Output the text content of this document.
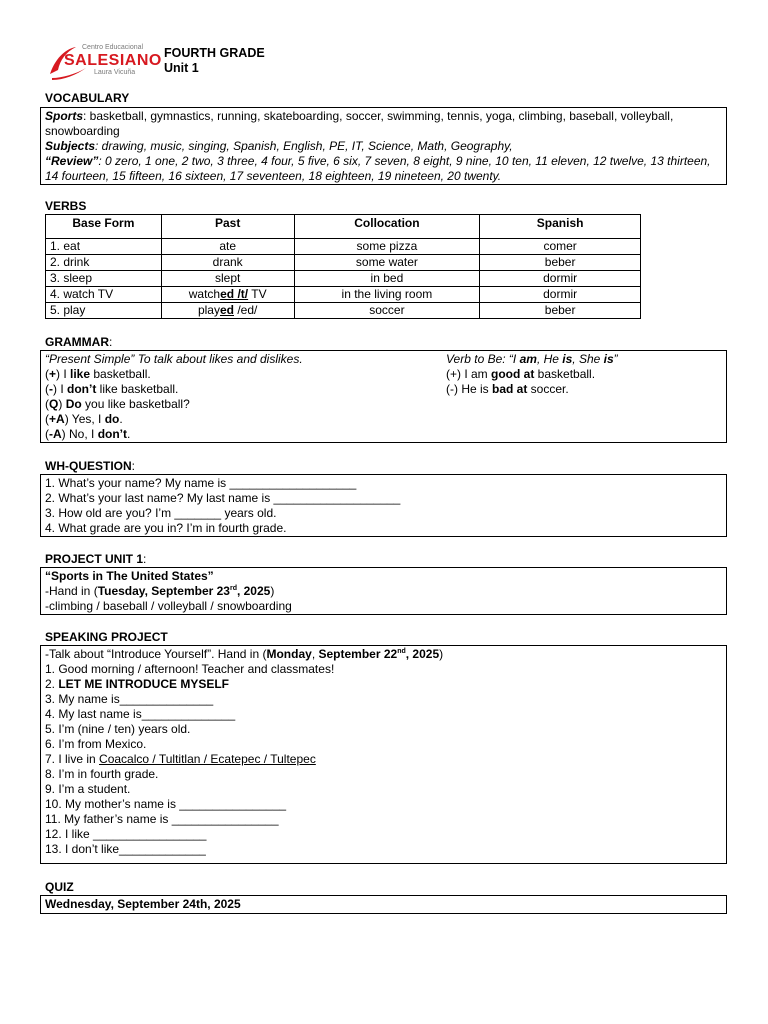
Centro Educacional
SALESIANO
Laura Vicuña
FOURTH GRADE
Unit 1
VOCABULARY

Sports: basketball, gymnastics, running, skateboarding, soccer, swimming, tennis, yoga, climbing, baseball, volleyball, snowboarding

Subjects: drawing, music, singing, Spanish, English, PE, IT, Science, Math, Geography,

“Review”: 0 zero, 1 one, 2 two, 3 three, 4 four, 5 five, 6 six, 7 seven, 8 eight, 9 nine, 10 ten, 11 eleven, 12 twelve, 13 thirteen, 14 fourteen, 15 fifteen, 16 sixteen, 17 seventeen, 18 eighteen, 19 nineteen, 20 twenty.

VERBS
Base Form	Past	Collocation	Spanish
1. eat	ate	some pizza	comer
2. drink	drank	some water	beber
3. sleep	slept	in bed	dormir
4. watch TV	watched /t/ TV	in the living room	dormir
5. play	played /ed/	soccer	beber
GRAMMAR:

“Present Simple” To talk about likes and dislikes.

(+) I like basketball.

(-) I don’t like basketball.

(Q) Do you like basketball?

(+A) Yes, I do.

(-A) No, I don’t.

Verb to Be: “I am, He is, She is”

(+) I am good at basketball.

(-) He is bad at soccer.

WH-QUESTION:

1. What’s your name? My name is ___________________

2. What’s your last name? My last name is ___________________

3. How old are you? I’m _______ years old.

4. What grade are you in? I’m in fourth grade.

PROJECT UNIT 1:

“Sports in The United States”

-Hand in (Tuesday, September 23rd, 2025)

-climbing / baseball / volleyball / snowboarding

SPEAKING PROJECT

-Talk about “Introduce Yourself”. Hand in (Monday, September 22nd, 2025)

1. Good morning / afternoon! Teacher and classmates!

2. LET ME INTRODUCE MYSELF

3. My name is______________

4. My last name is______________

5. I’m (nine / ten) years old.

6. I’m from Mexico.

7. I live in Coacalco / Tultitlan / Ecatepec / Tultepec

8. I’m in fourth grade.

9. I’m a student.

10. My mother’s name is ________________

11. My father’s name is ________________

12. I like _________________

13. I don’t like_____________

QUIZ

Wednesday, September 24th, 2025
